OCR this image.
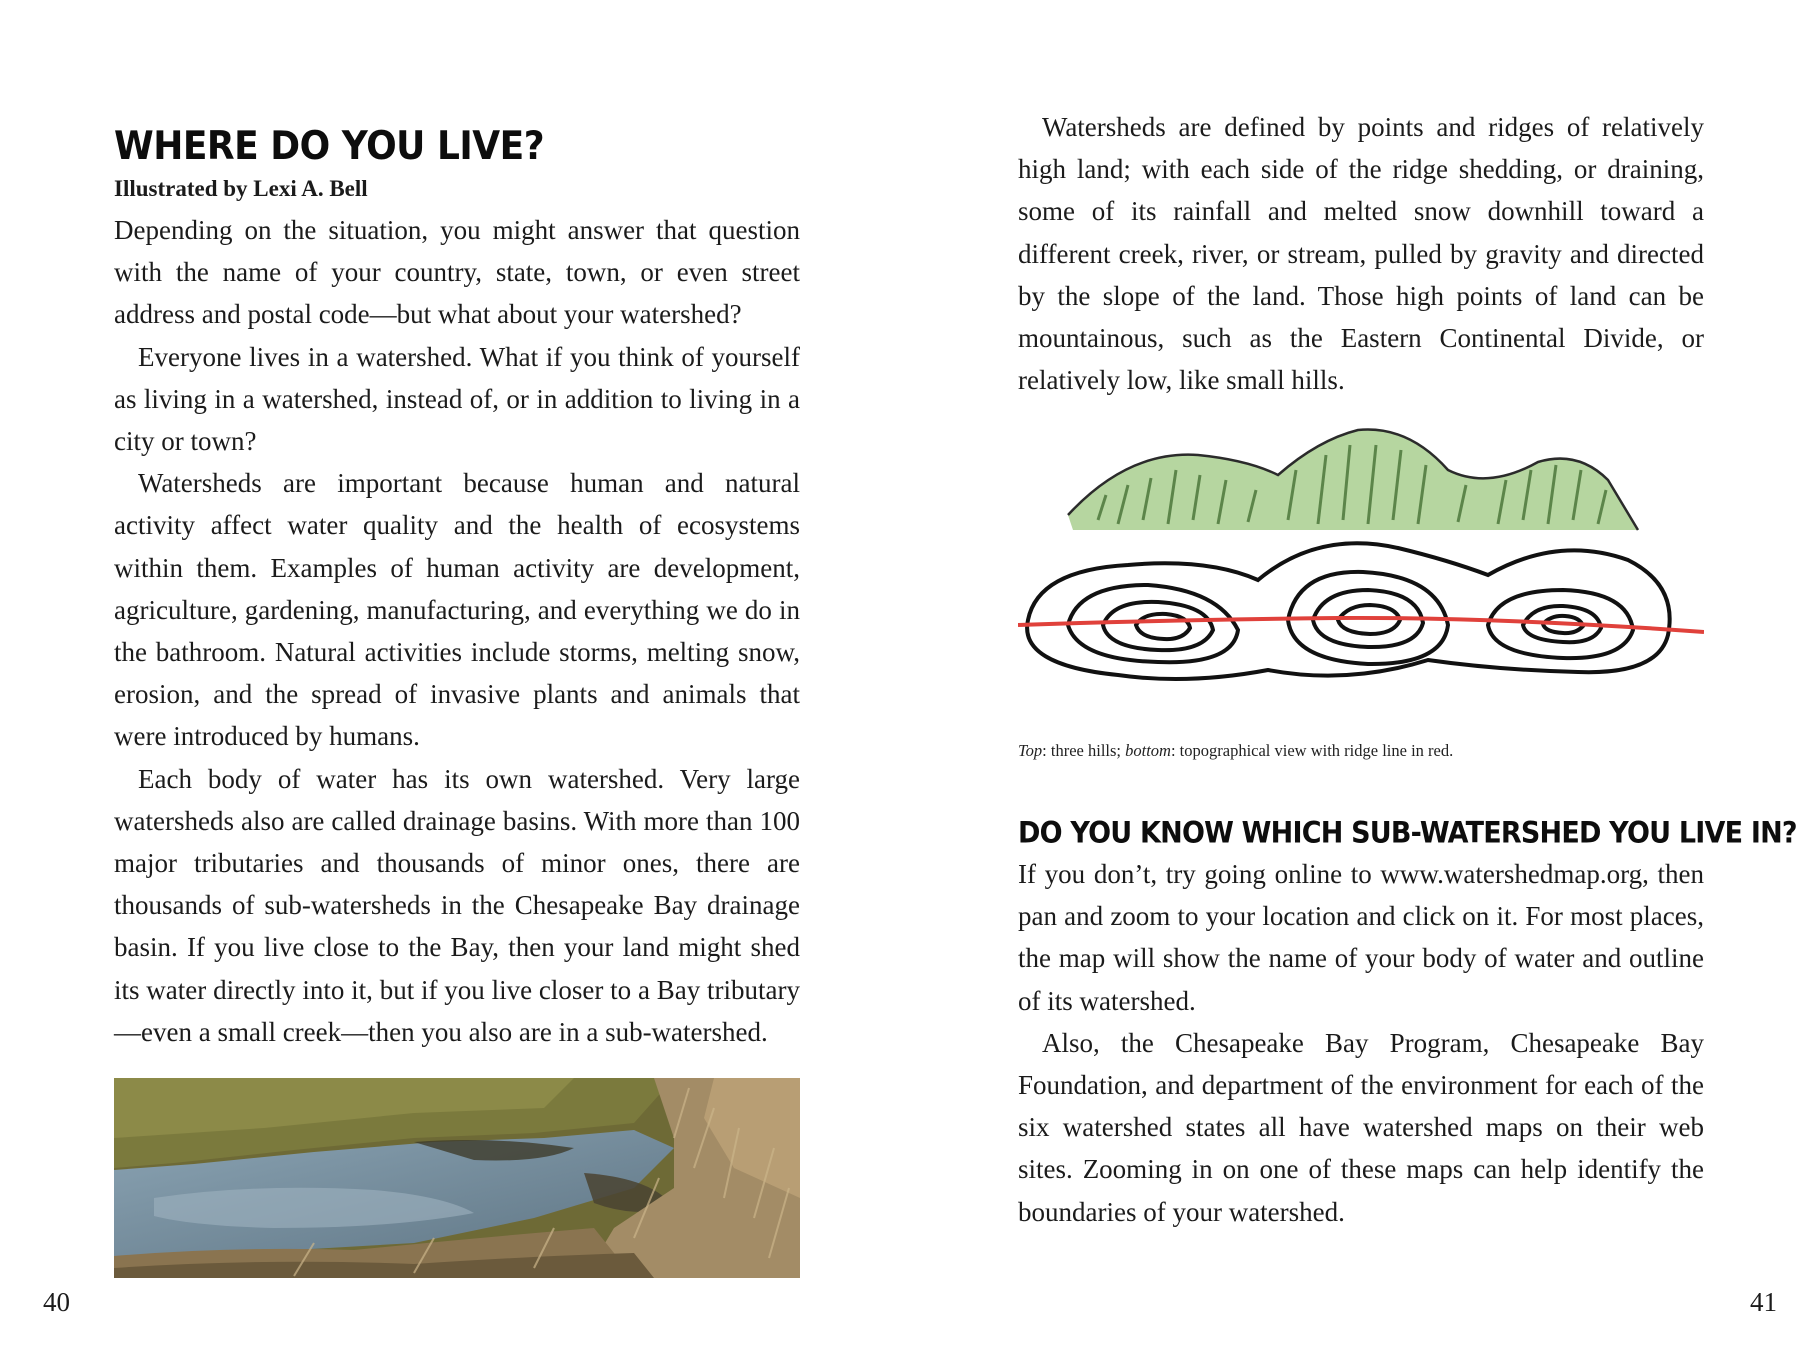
WHERE DO YOU LIVE?
Illustrated by Lexi A. Bell

Depending on the situation, you might answer that question with the name of your country, state, town, or even street address and postal code—but what about your watershed?

Everyone lives in a watershed. What if you think of yourself as living in a watershed, instead of, or in addition to living in a city or town?

Watersheds are important because human and natural activity affect water quality and the health of ecosystems within them. Examples of human activity are development, agriculture, gardening, manufacturing, and everything we do in the bathroom. Natural activities include storms, melting snow, erosion, and the spread of invasive plants and animals that were introduced by humans.

Each body of water has its own watershed. Very large watersheds also are called drainage basins. With more than 100 major tributaries and thousands of minor ones, there are thousands of sub-watersheds in the Chesapeake Bay drainage basin. If you live close to the Bay, then your land might shed its water directly into it, but if you live closer to a Bay tributary—even a small creek—then you also are in a sub-watershed.

40

Watersheds are defined by points and ridges of relatively high land; with each side of the ridge shedding, or draining, some of its rainfall and melted snow downhill toward a different creek, river, or stream, pulled by gravity and directed by the slope of the land. Those high points of land can be mountainous, such as the Eastern Continental Divide, or relatively low, like small hills.

Top: three hills; bottom: topographical view with ridge line in red.
DO YOU KNOW WHICH SUB-WATERSHED YOU LIVE IN?

If you don’t, try going online to www.watershedmap.org, then pan and zoom to your location and click on it. For most places, the map will show the name of your body of water and outline of its watershed.

Also, the Chesapeake Bay Program, Chesapeake Bay Foundation, and department of the environment for each of the six watershed states all have watershed maps on their web sites. Zooming in on one of these maps can help identify the boundaries of your watershed.

41
